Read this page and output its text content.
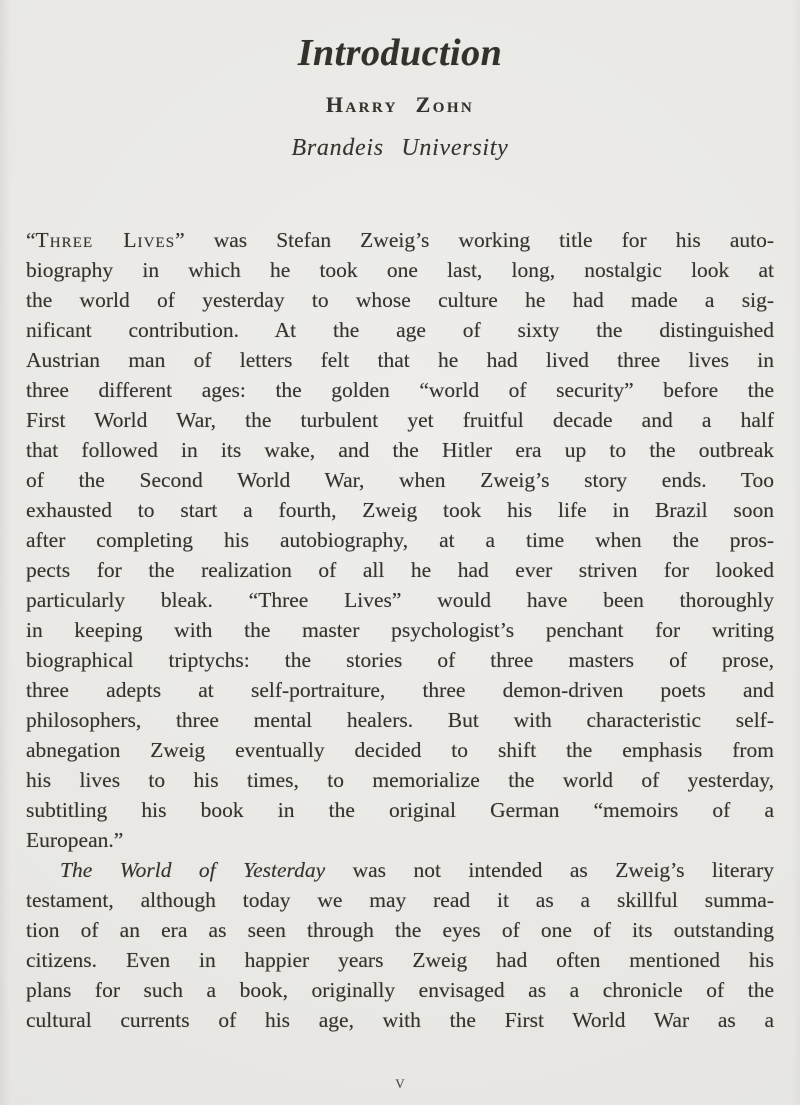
Introduction
Harry Zohn
Brandeis University
“Three Lives” was Stefan Zweig’s working title for his auto-
biography in which he took one last, long, nostalgic look at
the world of yesterday to whose culture he had made a sig-
nificant contribution. At the age of sixty the distinguished
Austrian man of letters felt that he had lived three lives in
three different ages: the golden “world of security” before the
First World War, the turbulent yet fruitful decade and a half
that followed in its wake, and the Hitler era up to the outbreak
of the Second World War, when Zweig’s story ends. Too
exhausted to start a fourth, Zweig took his life in Brazil soon
after completing his autobiography, at a time when the pros-
pects for the realization of all he had ever striven for looked
particularly bleak. “Three Lives” would have been thoroughly
in keeping with the master psychologist’s penchant for writing
biographical triptychs: the stories of three masters of prose,
three adepts at self-portraiture, three demon-driven poets and
philosophers, three mental healers. But with characteristic self-
abnegation Zweig eventually decided to shift the emphasis from
his lives to his times, to memorialize the world of yesterday,
subtitling his book in the original German “memoirs of a
European.”
The World of Yesterday was not intended as Zweig’s literary
testament, although today we may read it as a skillful summa-
tion of an era as seen through the eyes of one of its outstanding
citizens. Even in happier years Zweig had often mentioned his
plans for such a book, originally envisaged as a chronicle of the
cultural currents of his age, with the First World War as a
v
